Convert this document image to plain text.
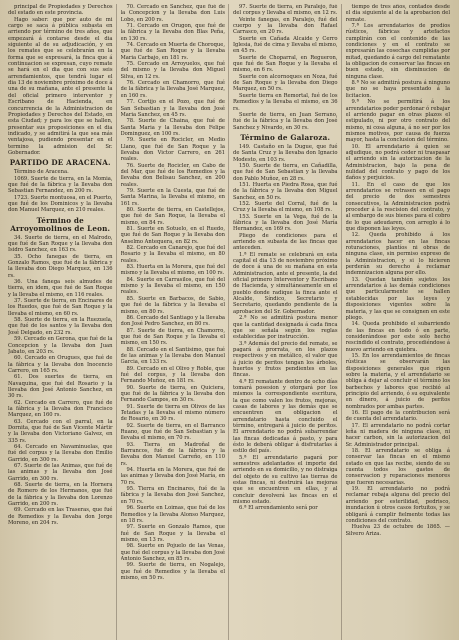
principal de Propiedades y Derechos del estado en este provincia.

Hago saber: que por auto de mi cargo se saca á pública subasta en arriendo por término de tres años, que empezará á contarse desde el dia siguiente al de su adjudicación, y en los remates que se celebrarán en la forma que se expresará, la finca que á continuacion se expresan, cuyo remate se hará en el dia que con sus seis arrendamientos, que tendrá lugar el dia 13 de noviembre próximo de doce á una de su mañana, ante el presente la del oficial primero interventor y Escribano de Hacienda, en concurrencia de la Administracion de Propiedades y Derechos del Estado, en esta Ciudad; y para los que se hallen, presentar sus proposiciones en el dia indicado, y se admitirá la que sea más ventajosa, pudiendo presentar en el termino la admision del Sr. Gobernador.

PARTIDO DE ARACENA.

Término de Aracena.

1069. Suerte de tierra, en la Momia, que fué de la fábrica y la llevaba don Sebastian Fernandez, en 200 rs.

1723. Suerte montuosa, en el Puerto, que fué de los Dominicos y la llevaba don Manuel Marquez, en 210 reales.

Término de Arroyomolinos de Leon.

34. Suerte de tierra, en el Malrodo, que fué de San Roque y la llevaba don Isidro Sanchez, en 163 rs.

35. Ocho fanegas de tierra, en Gonzalo Ramos, que fué de la fábrica y la llevaba don Diego Marquez, en 136 rs.

36. Una fanega seis almudes de tierra, en idem, que fué de San Roque y la llevaba el mismo, en 116 reales.

37. Suerte de tierra, en Encinares de los Ruedos, que fué de San Roque y la llevaba el mismo, en 60 rs.

58. Suerte de tierra, en la Ruezuela, que fué de los santos y la llevaba don José Delgado, en 232 rs.

59. Cercado en Gerona, que fué de la Concepcion y la llevaba don Juan Jabato, en 203 rs.

60. Cercado en Orugues, que fué de la fábrica y la llevaba don Inocencio Carrero, en 165 rs.

61. Dos suertes de tierra, en Navaquina, que fué del Rosario y la llevaba don José Antonio Sanchez, en 30 rs.

62. Cercado en Carrero, que fué de la fábrica y la llevaba don Francisco Marquez, en 160 rs.

63. Cercado con el parral, en la Dornita, que fué de San Vicente Mártir y la llevaba don Victoriano Galvez, en 335 rs.

64. Cercado en Navaminuelas, que fué del corpus y la llevaba don Emilio Garrido, en 300 rs.

67. Suerte de las Animas, que fué de las animas y la llevaba don José Garrido, en 300 rs.

68. Suerte de tierra, en la Hornera de Romero de los Hermanos, que fué de la fábrica y la llevaba don Lorenzo Garrido, en 200 rs.

69. Cercado en las Traseras, que fué de Remedios y la llevaba don Jorge Moreno, en 204 rs.

70. Cercado en Sanchez, que fué de la Concepcion y la llevaba don Luis Lobo, en 200 rs.

71. Cercado en Orugon, que fué de la fábrica y la llevaba don Blas Peña, en 130 rs.

74. Cercado en Muerta de Choroque, que fué de San Roque y la llevaba Maria Carbajo, en 181 rs.

75. Cercado en Arroyuelos, que fué del mismo y la llevaba don Miguel Silva, en 12 rs.

76. Cercado en Chamorro, que fué de la fábrica y la llevaba José Marquez, en 160 rs.

77. Cortijo en el Pozo, que fué de San Sebastian y la llevaba don José Maria Sanchez, en 45 rs.

78. Suerte de Chaina, que fué de Santa Maria y la llevaba don Felipe Dominguez, en 100 rs.

79. Suerte en Rocicler, en Medio Llano, que fué de San Roque y la llevaba don Victor Carrero, en 261 reales.

76. Suerte de Rocicler, en Cabo de del Mar, que fué de los Remedios y la llevaba don Belisau Sanchez, en 200 reales.

79. Suerte en la Cuesta, que fué de Santa Marina, la llevaba el mismo, en 161 rs.

80. Suerte de tierra, en Castellejos, que fué de San Roque, la llevaba el mismo, en 84 rs.

81. Suerte en Sotuelo, en el Ruedo, que fué de San Roque y la llevaba don Anselmo Antequera, en 82 rs.

82. Cercado en Canarejo, que fué del Rosario y la llevaba el mismo, en 80 reales.

83. Huerta en la Morera, que fué del mismo y la llevaba el mismo, en 100 rs.

84. Suerte en Carrasilos, que fué del mismo y la llevaba el mismo, en 150 reales.

85. Suerte en Barbacos, de Sabio, que fué de la fábrica y la llevaba el mismo, en 80 rs.

86. Cercado del Santiago y la llevaba don José Pedro Sanchez, en 80 rs.

87. Suerte de tierra, en Chamorro, que fué de San Roque y la llevaba el mismo, en 150 rs.

88. Cercado en el Santisimo, que fué de las animas y la llevaba don Manuel Garcia, en 133 rs.

89. Cercado en el Olivo y Roble, que fué del corpus, y la llevaba don Fernando Muñoz, en 181 rs.

90. Suerte de tierra, en Quiciera, que fué de la fábrica y la llevaba don Fernando Campos, en 30 rs.

91. Suerte de tierra en Olivos de las Tetadas y la llevaba el mismo número de Rosario, en 30 rs.

92. Suerte de tierra, en el Barranco Ruano, que fué de San Sebastian y la llevaba el mismo, en 70 rs.

93. Tierra en Madroñal de Barrancos, fué de la fábrica y la llevaba don Manuel Carreño, en 110 rs.

94. Huerta en la Morera, que fué de las animas y llevaba don José María, en 70 rs.

95. Tierra en Encinares, fué de la fábrica y la llevaba don José Sanchez, en 70 rs.

96. Suerte en Loimas, que fué de los Remedios y la llevaba Alonso Marquez, en 18 rs.

97. Suerte en Gonzalo Ramos, que fué de San Roque y la llevaba el mismo, en 13 rs.

98. Suerte en Pojuelo de las Venas, que fué del corpus y la llevaba don José Antonio Sanchez, en 85 rs.

99. Suerte de tierra, en Nogalejo, que fué de Remedios y la llevaba el mismo, en 50 rs.

97. Suerte de tierra, en Paralejo, fué del corpus y llevaba el mismo, en 12 rs.

Veinte fanegas, en Paralejo, fué del cuerpo y la llevaba don Rafael Carrasco, en 20 rs.

Suerte en Cañada Alcaide y Cerro Iglesia, fué de cima y llevaba el mismo, en 45 rs.

Suerte de Choparral, en Regueron, que fué de San Roque y la llevaba el mismo, en 6 rs.

Suerte con alcornoques en Noza, fué de San Roque y la llevaba don Diego Marquez, en 50 rs.

Suerte tierra en Remortal, fué de los Remedios y la llevaba el mismo, en 36 rs.

Suerte de tierra, en Juan Serrano, fué de la fábrica y la llevaba don José Sanchez y Nivardo, en 30 rs.

Término de Galaroza.

149. Castaño en la Dugue, que fué de Santa Cruz y la llevaba don Ignacio Modesto, en 103 rs.

150. Suerte de tierra, en Cañadilla, que fué de San Sebastian y la llevaba don Pablo Muñoz, en 28 rs.

151. Huerta en Piedra Rosa, que fué de la fábrica y la llevaba don Miguel Sanchez, en 50 rs.

152. Suerte del Corral, fué de la Cruz y la llevaba el mismo, en 108 rs.

153. Suerte en la Vega, fué de la fábrica y la llevaba don José María Hernandez, en 169 rs.

Pliego de condiciones para el arriendo en subasta de las fincas que anteceden.

1.ª El remate se celebrará en esta capital el dia 13 de noviembre próximo de doce á una de su mañana en esta Administracion, ante el presente, la del oficial primero Interventor y Escribano de Hacienda, y simultáneamente en el pueblo donde radique la finca ante el Alcalde, Síndico, Secretario y Secretario, quedando pendiente de la aprobacion del Sr. Gobernador.

2.ª No se admitirá postura menor que la cantidad designada á cada finca que se señala según los reglas establecidas por instrucción.

3.ª Además del precio del remate, se pagará á prorrata, en los plazos respectivos y en metálico, el valor que á juicio de peritos tengan los árboles, huertos y frutos pendientes en las fincas.

4.ª El rematante dentro de ocho días tomará posesion y otorgará por los mismos la correspondiente escritura, la que como valen los frutos, mejoras, casas de labores y las demás que se encuentren en obligacion el arrendatario hasta concluido el término, entregará á juicio de peritos. El arrendatario no podrá subarrendar las fincas dedicadas á pasto, y para ésto le deberá obligar á disfrutarlas á estilo del país.

5.ª El arrendatario pagará por semestres adelantados el importe del arriendo en su domicilio, y no distraiga del objeto de su cultivo las tierras de estas fincas, ni destruirá las mejoras que se encuentren en ellas, y al concluir devolverá las fincas en el mismo estado.

6.ª El arrendamiento será por

tiempo de tres años, contados desde el dia siguiente al de la aprobacion del remate.

7.ª Los arrendatarios de predios rústicos, fábricas y artefactos cumplirán con el contenido de las condiciones y en el contrato se expresarán las cosechas cumplidas por mitad, quedando á cargo del rematante la obligacion de conservar las fincas en buen estado, sin disminucion de ninguna clase.

8.ª No se admitirá postura á ninguno que no se haya presentado á la licitacion.

9.ª No se permitirá á los arrendatarios poder perdonar ó rebajar el arriendo pagar en otras plazos el estipulado, ni por otro contrato del mismo, ni cosa alguna, á no ser por los mismos motivos, por causa de fuerza mayor, hasta la conclusion del término.

10. El arrendatario á quien se adjudique, no podrá ceder ni traspasar el arriendo sin la autorizacion de la Administracion, bajo la pena de nulidad del contrato y pago de los daños y perjuicios.

11. En el caso de que los arrendatarios se retrasen en el pago del precio de dos semestres consecutivos, la Administracion podrá proceder á la rescision del contrato, y al embargo de sus bienes para el cobro de lo que adeudaren, con arreglo á lo que disponen las leyes.

12. Queda prohibido á los arrendatarios hacer en las fincas roturaciones, plantíos ni obras de ninguna clase, sin permiso expreso de la Administracion, y si lo hicieren perderán su derecho á reclamar indemnizacion alguna por ello.

13. Quedan también sujetos los arrendatarios á las demás condiciones que particularmente se hallen establecidas por las leyes y disposiciones vigentes sobre la materia, y las que se consignen en este pliego.

14. Queda prohibido el subarriendo de las fincas en todo ó en parte, considerándose por este solo hecho rescindido el contrato, procediéndose á nuevo arriendo en quiebra.

15. En los arrendamientos de fincas rústicas se observarán las disposiciones generales que rigen sobre la materia, y el arrendatario se obliga á dejar al concluir el término los barbechos y labores que recibió al principio del arriendo, ó su equivalente en dinero, á juicio de peritos nombrados por ambas partes.

16. El pago de la contribucion será de cuenta del arrendatario.

17. El arrendatario no podrá cortar leña ni madera de ninguna clase, ni hacer carbon, sin la autorizacion del Sr. Administrador principal.

18. El arrendatario se obliga á conservar las fincas en el mismo estado en que las recibe, siendo de su cuenta todos los gastos de conservacion y reparaciones menores que fueren necesarias.

19. El arrendatario no podrá reclamar rebaja alguna del precio del arriendo por esterilidad, pedrisco, inundacion ú otros casos fortuitos, y se obligará á cumplir fielmente todas las condiciones del contrato.

Huelva 23 de octubre de 1865. —Silvero Ariza.
